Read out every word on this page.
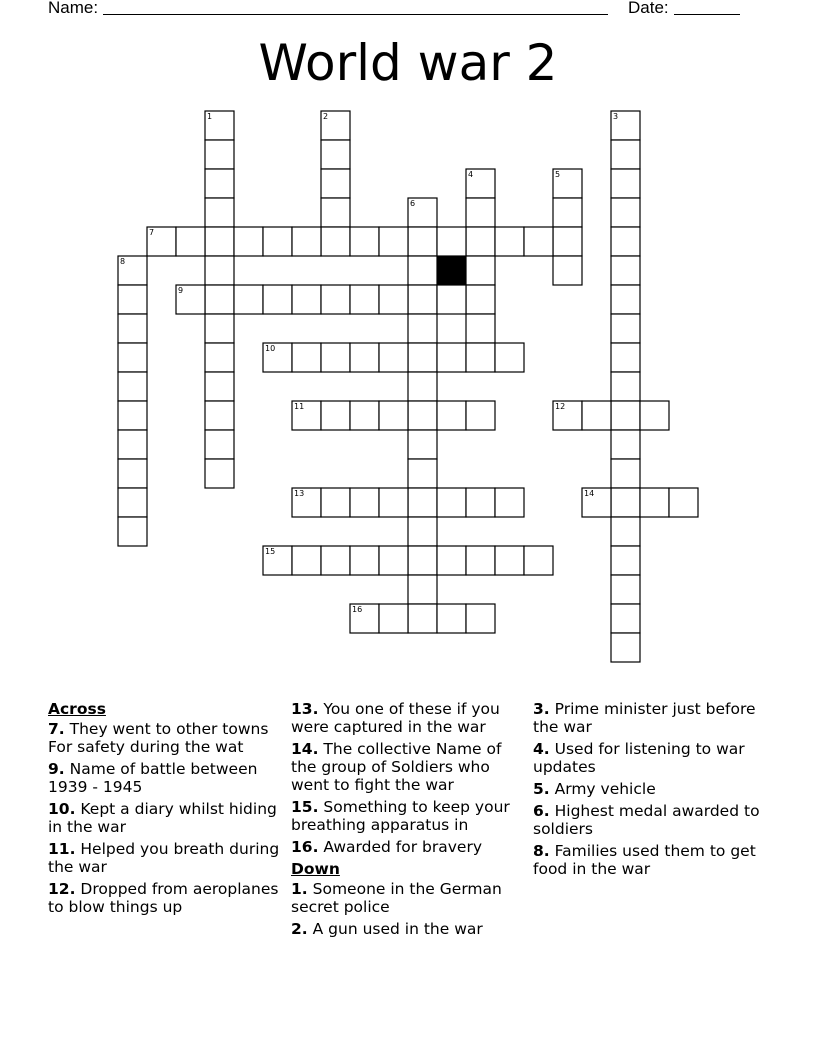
Name:	Date:
World war 2
1	2	3
4	5
6
7
8
9
10
11	12
13	14
15
16
Across
7. They went to other towns For safety during the wat
9. Name of battle between 1939 - 1945
10. Kept a diary whilst hiding in the war
11. Helped you breath during the war
12. Dropped from aeroplanes to blow things up
13. You one of these if you were captured in the war
14. The collective Name of the group of Soldiers who went to fight the war
15. Something to keep your breathing apparatus in
16. Awarded for bravery
Down
1. Someone in the German secret police
2. A gun used in the war
3. Prime minister just before the war
4. Used for listening to war updates
5. Army vehicle
6. Highest medal awarded to soldiers
8. Families used them to get food in the war
